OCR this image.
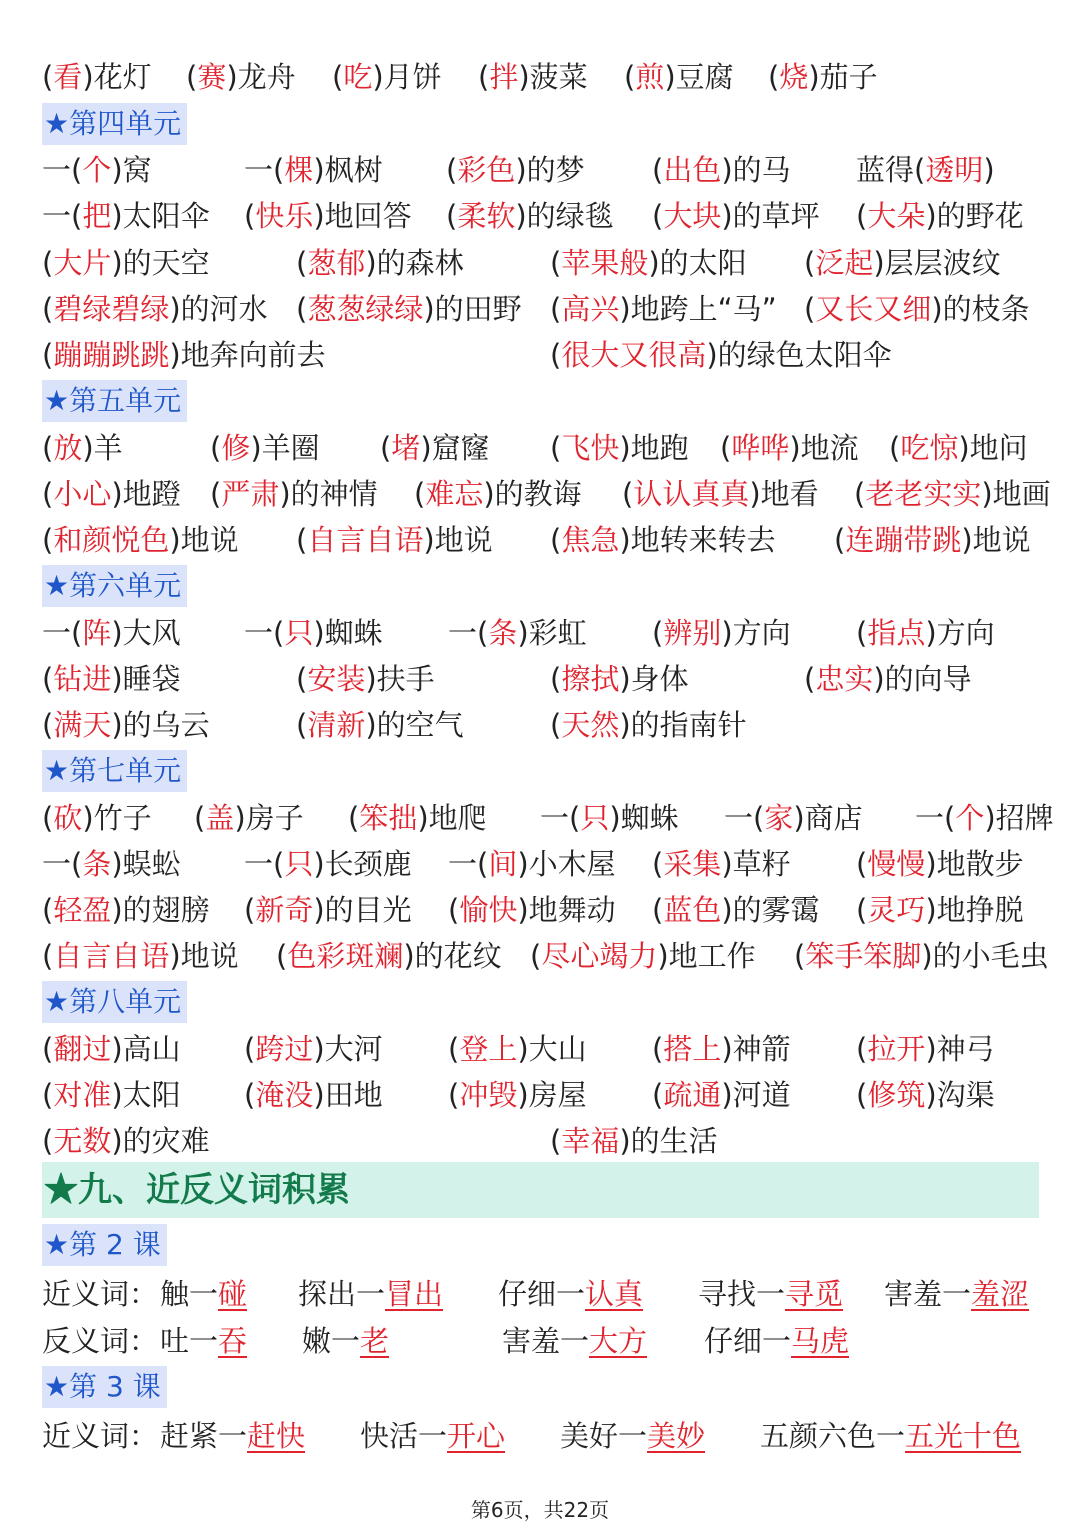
(看)花灯 (赛)龙舟 (吃)月饼 (拌)菠菜 (煎)豆腐 (烧)茄子
★第四单元
一(个)窝	一(棵)枫树 (彩色)的梦 (出色)的马 蓝得(透明)
一(把)太阳伞 (快乐)地回答 (柔软)的绿毯 (大块)的草坪 (大朵)的野花
(大片)的天空	(葱郁)的森林	(苹果般)的太阳 (泛起)层层波纹
(碧绿碧绿)的河水 (葱葱绿绿)的田野 (高兴)地跨上“马” (又长又细)的枝条
(蹦蹦跳跳)地奔向前去	(很大又很高)的绿色太阳伞
★第五单元
(放)羊	(修)羊圈 (堵)窟窿 (飞快)地跑 (哗哗)地流 (吃惊)地问
(小心)地蹬 (严肃)的神情 (难忘)的教诲 (认认真真)地看 (老老实实)地画
(和颜悦色)地说 (自言自语)地说 (焦急)地转来转去 (连蹦带跳)地说
★第六单元
一(阵)大风 一(只)蜘蛛 一(条)彩虹 (辨别)方向 (指点)方向
(钻进)睡袋	(安装)扶手	(擦拭)身体	(忠实)的向导
(满天)的乌云	(清新)的空气	(天然)的指南针
★第七单元
(砍)竹子 (盖)房子 (笨拙)地爬 一(只)蜘蛛 一(家)商店 一(个)招牌
一(条)蜈蚣 一(只)长颈鹿 一(间)小木屋 (采集)草籽 (慢慢)地散步
(轻盈)的翅膀 (新奇)的目光 (愉快)地舞动 (蓝色)的雾霭 (灵巧)地挣脱
(自言自语)地说 (色彩斑斓)的花纹 (尽心竭力)地工作 (笨手笨脚)的小毛虫
★第八单元
(翻过)高山 (跨过)大河 (登上)大山 (搭上)神箭 (拉开)神弓
(对准)太阳 (淹没)田地 (冲毁)房屋 (疏通)河道 (修筑)沟渠
(无数)的灾难	(幸福)的生活
★九、近反义词积累
★第 2 课
近义词： 触一碰 探出一冒出 仔细一认真 寻找一寻觅 害羞一羞涩
反义词： 吐一吞 嫩一老	害羞一大方 仔细一马虎
★第 3 课
近义词： 赶紧一赶快 快活一开心 美好一美妙 五颜六色一五光十色
第6页，共22页
